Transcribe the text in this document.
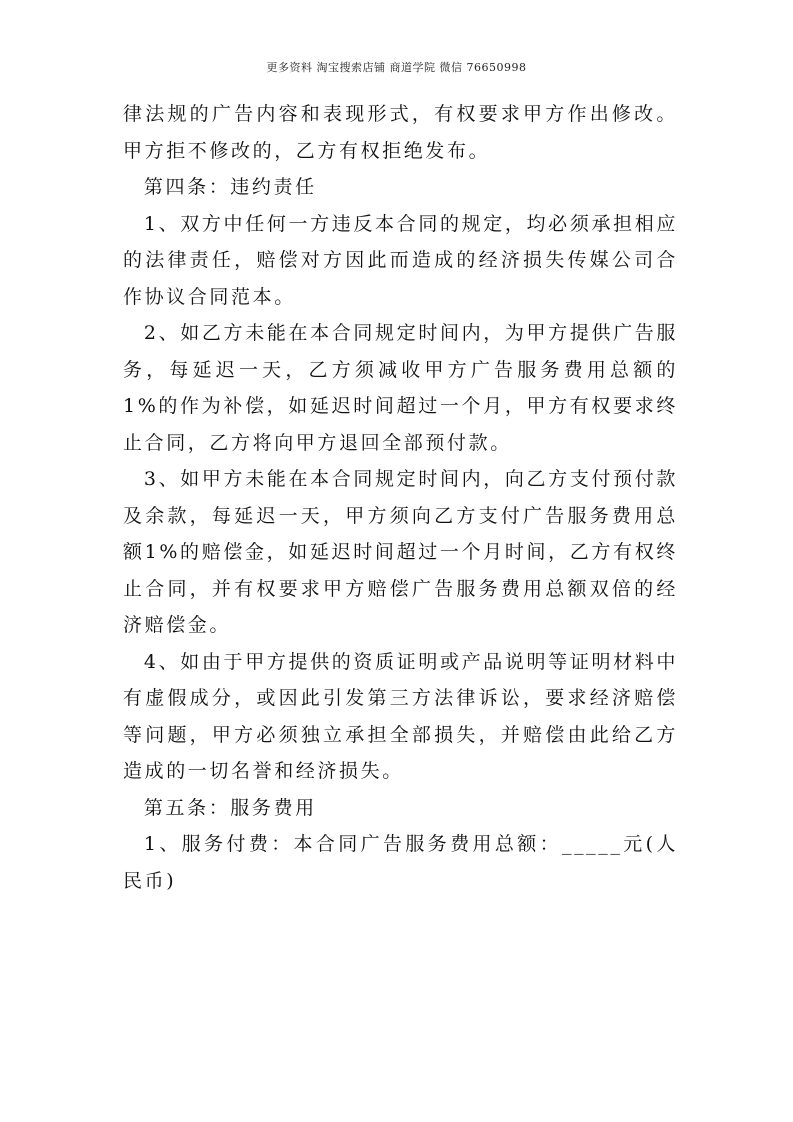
更多资料 淘宝搜索店铺 商道学院 微信 76650998

律法规的广告内容和表现形式，有权要求甲方作出修改。甲方拒不修改的，乙方有权拒绝发布。

第四条：违约责任

1、双方中任何一方违反本合同的规定，均必须承担相应的法律责任，赔偿对方因此而造成的经济损失传媒公司合作协议合同范本。

2、如乙方未能在本合同规定时间内，为甲方提供广告服务，每延迟一天，乙方须减收甲方广告服务费用总额的 1%的作为补偿，如延迟时间超过一个月，甲方有权要求终止合同，乙方将向甲方退回全部预付款。

3、如甲方未能在本合同规定时间内，向乙方支付预付款及余款，每延迟一天，甲方须向乙方支付广告服务费用总额1%的赔偿金，如延迟时间超过一个月时间，乙方有权终止合同，并有权要求甲方赔偿广告服务费用总额双倍的经济赔偿金。

4、如由于甲方提供的资质证明或产品说明等证明材料中有虚假成分，或因此引发第三方法律诉讼，要求经济赔偿等问题，甲方必须独立承担全部损失，并赔偿由此给乙方造成的一切名誉和经济损失。

第五条：服务费用

1、服务付费：本合同广告服务费用总额：_____元(人民币)
